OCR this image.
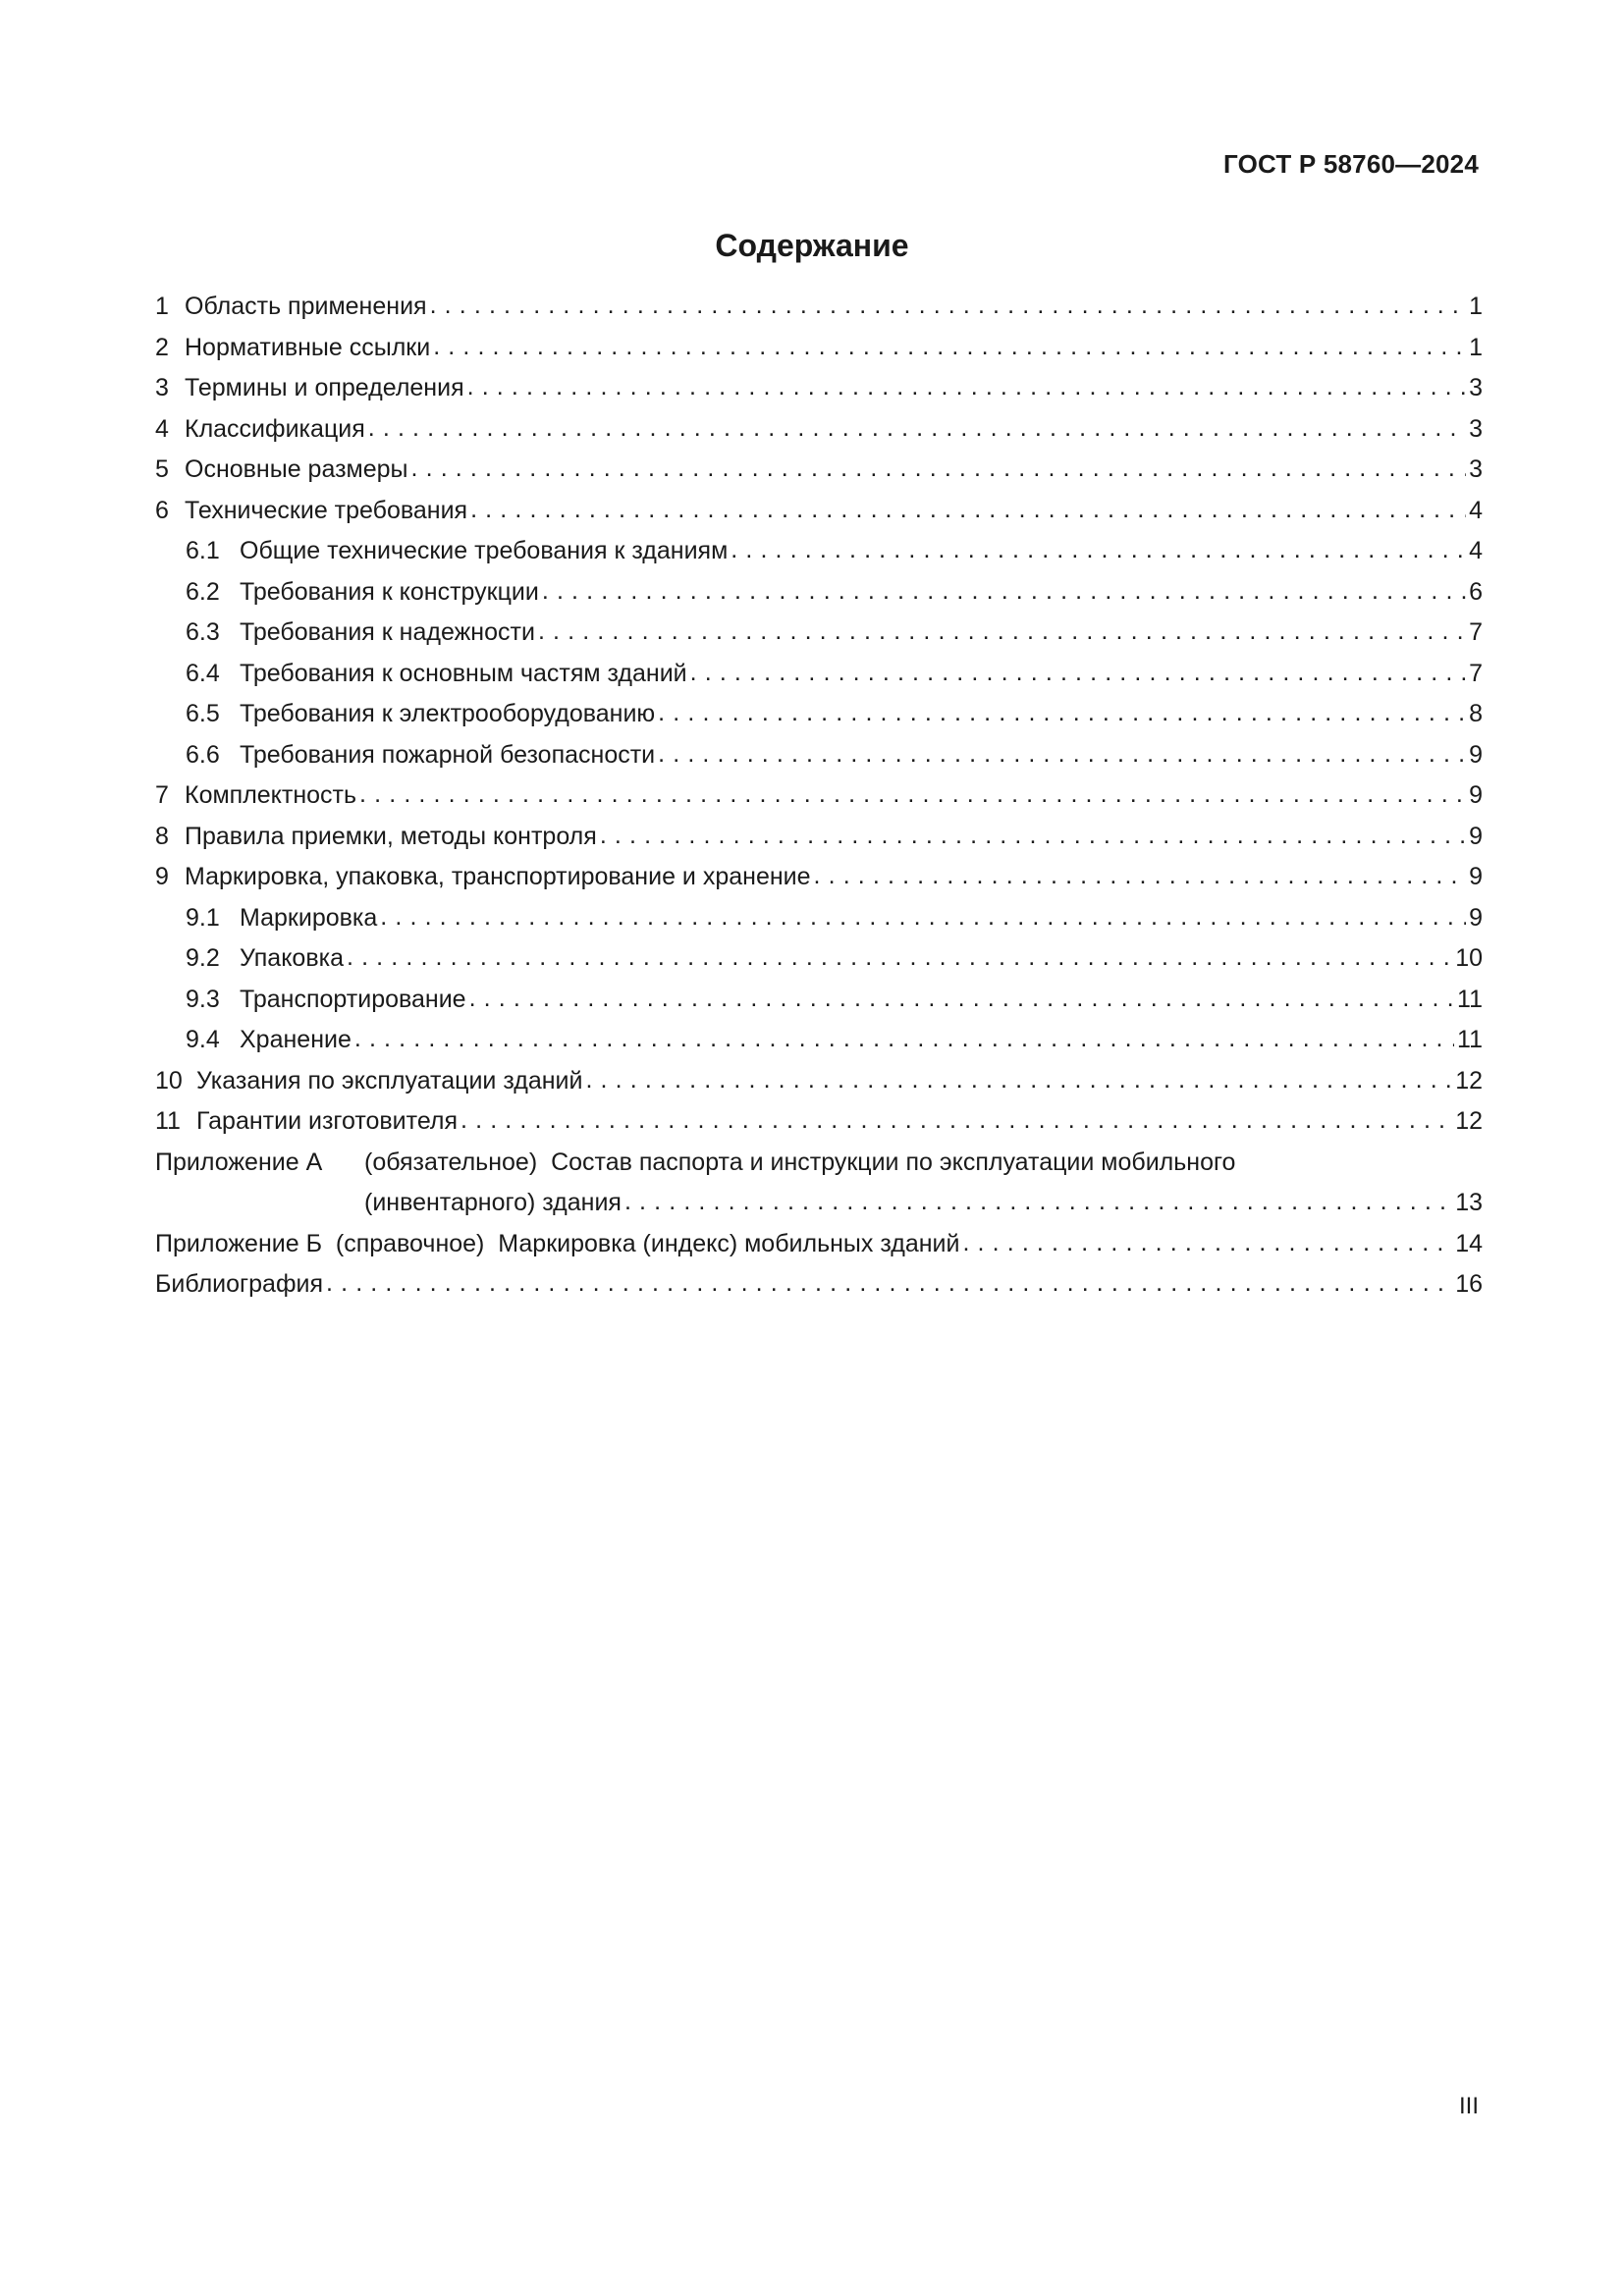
ГОСТ Р 58760—2024
Содержание
1 Область применения . . .	1
2 Нормативные ссылки . . .	1
3 Термины и определения . . .	3
4 Классификация . . .	3
5 Основные размеры . . .	3
6 Технические требования . . .	4
6.1 Общие технические требования к зданиям . . .	4
6.2 Требования к конструкции . . .	6
6.3 Требования к надежности . . .	7
6.4 Требования к основным частям зданий . . .	7
6.5 Требования к электрооборудованию . . .	8
6.6 Требования пожарной безопасности . . .	9
7 Комплектность . . .	9
8 Правила приемки, методы контроля . . .	9
9 Маркировка, упаковка, транспортирование и хранение . . .	9
9.1 Маркировка . . .	9
9.2 Упаковка . . .	10
9.3 Транспортирование . . .	11
9.4 Хранение . . .	11
10 Указания по эксплуатации зданий . . .	12
11 Гарантии изготовителя . . .	12
Приложение А (обязательное) Состав паспорта и инструкции по эксплуатации мобильного
(инвентарного) здания . . .	13
Приложение Б
(справочное)
Маркировка (индекс) мобильных зданий . . .	14
Библиография . . .	16
III
